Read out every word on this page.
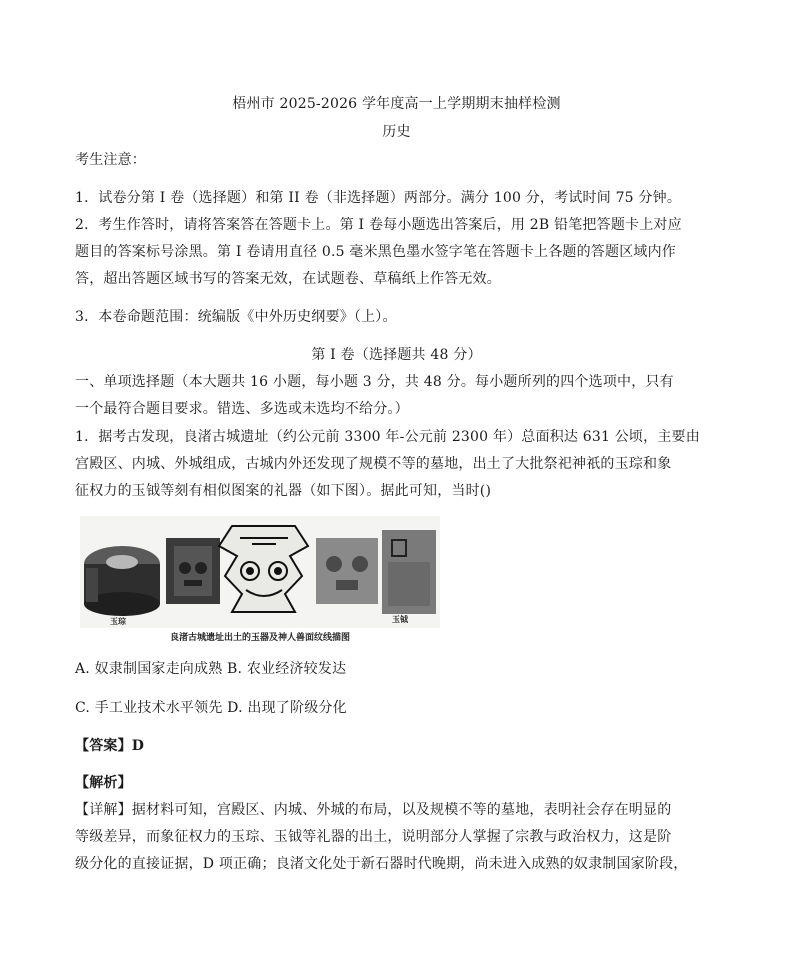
梧州市 2025-2026 学年度高一上学期期末抽样检测
历史
考生注意：
1．试卷分第 I 卷（选择题）和第 II 卷（非选择题）两部分。满分 100 分，考试时间 75 分钟。
2．考生作答时，请将答案答在答题卡上。第 I 卷每小题选出答案后，用 2B 铅笔把答题卡上对应
题目的答案标号涂黑。第 I 卷请用直径 0.5 毫米黑色墨水签字笔在答题卡上各题的答题区域内作
答，超出答题区域书写的答案无效，在试题卷、草稿纸上作答无效。
3．本卷命题范围：统编版《中外历史纲要》（上）。
第 I 卷（选择题共 48 分）
一、单项选择题（本大题共 16 小题，每小题 3 分，共 48 分。每小题所列的四个选项中，只有
一个最符合题目要求。错选、多选或未选均不给分。）
1．据考古发现，良渚古城遗址（约公元前 3300 年-公元前 2300 年）总面积达 631 公顷，主要由
宫殿区、内城、外城组成，古城内外还发现了规模不等的墓地，出土了大批祭祀神祇的玉琮和象
征权力的玉钺等刻有相似图案的礼器（如下图）。据此可知，当时()
玉琮	玉钺
良渚古城遗址出土的玉器及神人兽面纹线描图
A. 奴隶制国家走向成熟 B. 农业经济较发达
C. 手工业技术水平领先 D. 出现了阶级分化
【答案】D
【解析】
【详解】据材料可知，宫殿区、内城、外城的布局，以及规模不等的墓地，表明社会存在明显的
等级差异，而象征权力的玉琮、玉钺等礼器的出土，说明部分人掌握了宗教与政治权力，这是阶
级分化的直接证据，D 项正确；良渚文化处于新石器时代晚期，尚未进入成熟的奴隶制国家阶段，
